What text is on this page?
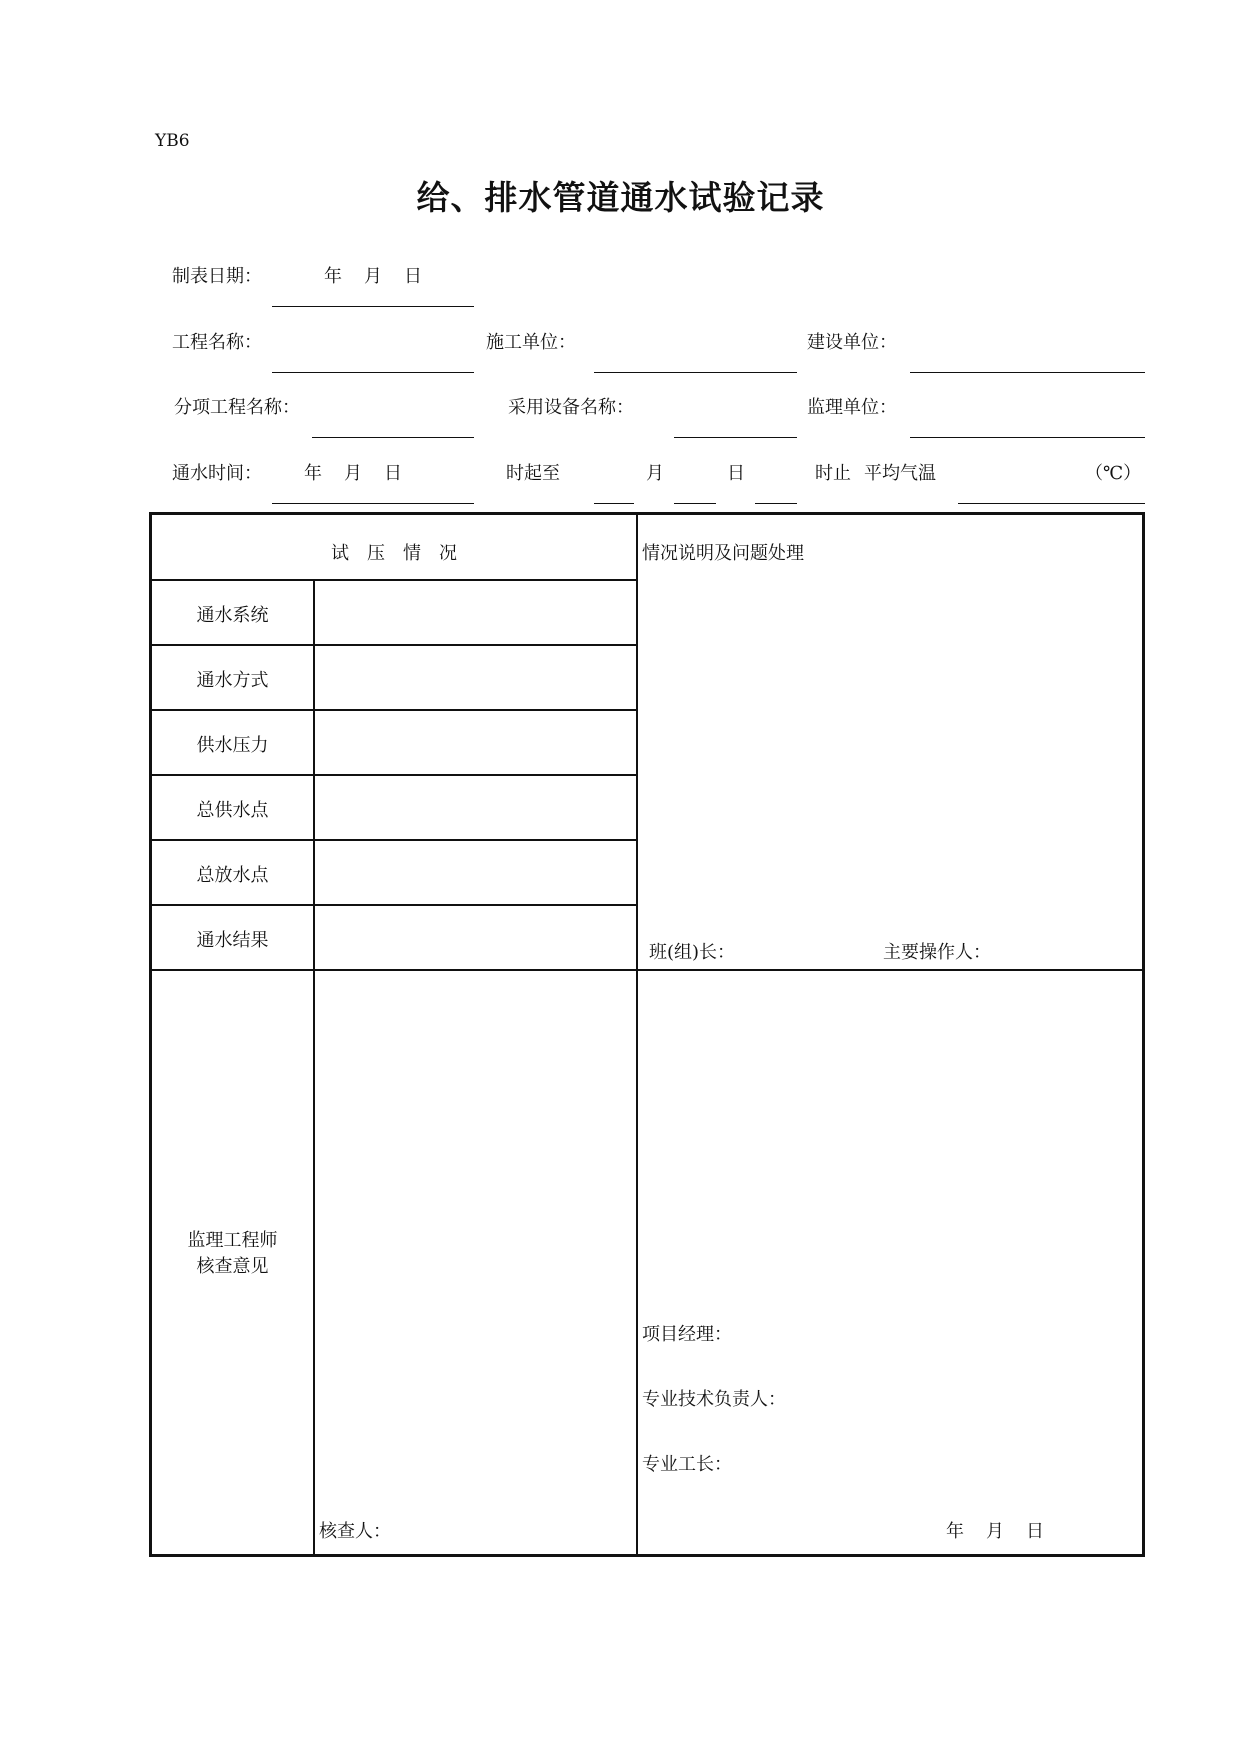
YB6
给、排水管道通水试验记录
制表日期：	年 月 日
工程名称：	施工单位：	建设单位：
分项工程名称：	采用设备名称：	监理单位：
通水时间： 年 月 日	时起至	月	日	时止 平均气温	（℃）
试　压　情　况	情况说明及问题处理
通水系统
通水方式
供水压力
总供水点
总放水点
通水结果
班(组)长：	主要操作人：
监理工程师
核查意见
核查人：
项目经理：
专业技术负责人：
专业工长：
年 月 日
